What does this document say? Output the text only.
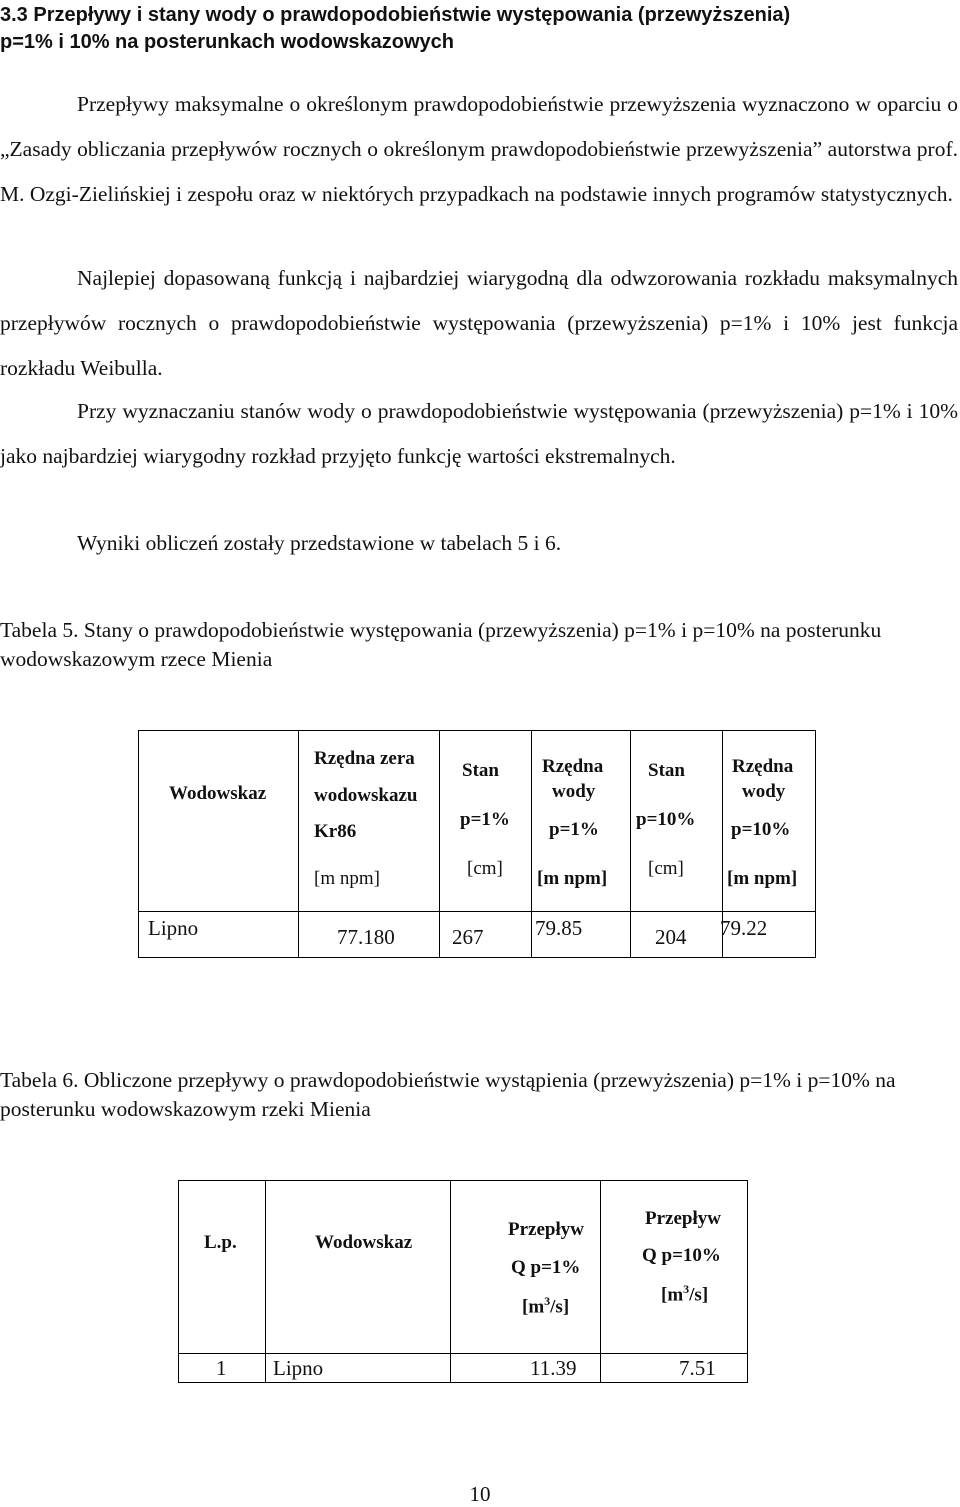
3.3 Przepływy i stany wody o prawdopodobieństwie występowania (przewyższenia)
p=1% i 10% na posterunkach wodowskazowych

Przepływy maksymalne o określonym prawdopodobieństwie przewyższenia wyznaczono w oparciu o „Zasady obliczania przepływów rocznych o określonym prawdopodobieństwie przewyższenia” autorstwa prof. M. Ozgi-Zielińskiej i zespołu oraz w niektórych przypadkach na podstawie innych programów statystycznych.

Najlepiej dopasowaną funkcją i najbardziej wiarygodną dla odwzorowania rozkładu maksymalnych przepływów rocznych o prawdopodobieństwie występowania (przewyższenia) p=1% i 10% jest funkcja rozkładu Weibulla.

Przy wyznaczaniu stanów wody o prawdopodobieństwie występowania (przewyższenia) p=1% i 10% jako najbardziej wiarygodny rozkład przyjęto funkcję wartości ekstremalnych.

Wyniki obliczeń zostały przedstawione w tabelach 5 i 6.

Tabela 5. Stany o prawdopodobieństwie występowania (przewyższenia) p=1% i p=10% na posterunku wodowskazowym rzece Mienia

Wodowskaz	Rzędna zera
wodowskazu
Kr86
[m npm]	Stan
p=1%
[cm]	Rzędna
wody
p=1%
[m npm]	Stan
p=10%
[cm]	Rzędna
wody
p=10%
[m npm]

Lipno	77.180	267	79.85	204	79.22

Tabela 6. Obliczone przepływy o prawdopodobieństwie wystąpienia (przewyższenia) p=1% i p=10% na posterunku wodowskazowym rzeki Mienia

L.p.	Wodowskaz	Przepływ
Q p=1%
$[m^3/s]$	Przepływ
Q p=10%
$[m^3/s]$

1	Lipno	11.39	7.51
10
